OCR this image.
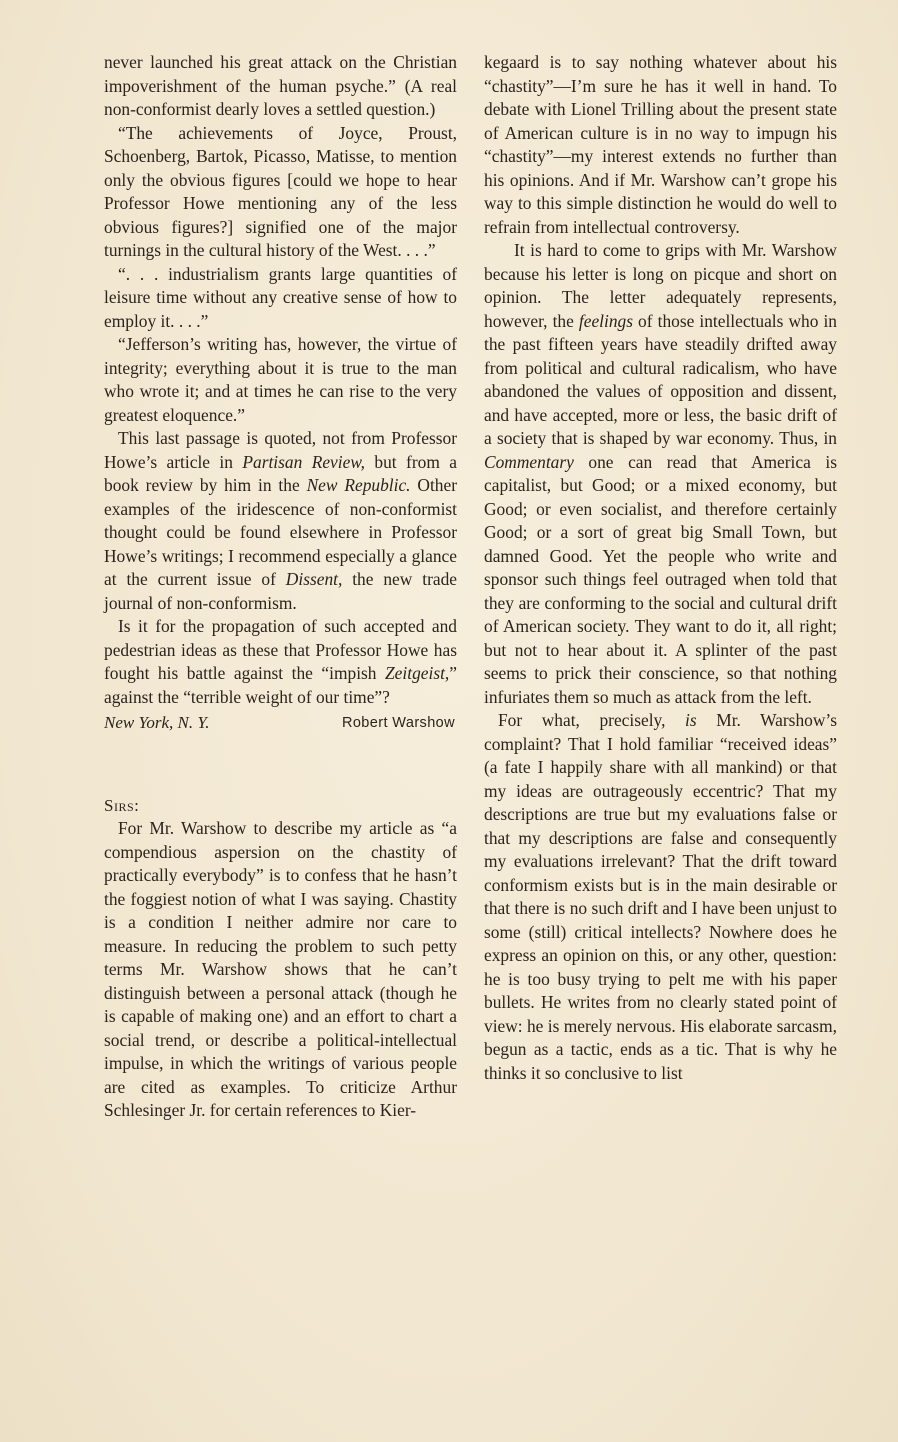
never launched his great attack on the Christian impoverishment of the human psyche.” (A real non-conformist dearly loves a settled question.)

“The achievements of Joyce, Proust, Schoenberg, Bartok, Picasso, Matisse, to mention only the obvious figures [could we hope to hear Professor Howe mentioning any of the less obvious figures?] signified one of the major turnings in the cultural history of the West. . . .”

“. . . industrialism grants large quantities of leisure time without any creative sense of how to employ it. . . .”

“Jefferson’s writing has, however, the virtue of integrity; everything about it is true to the man who wrote it; and at times he can rise to the very greatest eloquence.”

This last passage is quoted, not from Professor Howe’s article in Partisan Review, but from a book review by him in the New Republic. Other examples of the iridescence of non-conformist thought could be found elsewhere in Professor Howe’s writings; I recommend especially a glance at the current issue of Dissent, the new trade journal of non-conformism.

Is it for the propagation of such accepted and pedestrian ideas as these that Professor Howe has fought his battle against the “impish Zeitgeist,” against the “terrible weight of our time”?

New York, N. Y.	Robert Warshow
Sirs:

For Mr. Warshow to describe my article as “a compendious aspersion on the chastity of practically everybody” is to confess that he hasn’t the foggiest notion of what I was saying. Chastity is a condition I neither admire nor care to measure. In reducing the problem to such petty terms Mr. Warshow shows that he can’t distinguish between a personal attack (though he is capable of making one) and an effort to chart a social trend, or describe a political-intellectual impulse, in which the writings of various people are cited as examples. To criticize Arthur Schlesinger Jr. for certain references to Kier-

kegaard is to say nothing whatever about his “chastity”—I’m sure he has it well in hand. To debate with Lionel Trilling about the present state of American culture is in no way to impugn his “chastity”—my interest extends no further than his opinions. And if Mr. Warshow can’t grope his way to this simple distinction he would do well to refrain from intellectual controversy.

It is hard to come to grips with Mr. Warshow because his letter is long on picque and short on opinion. The letter adequately represents, however, the feelings of those intellectuals who in the past fifteen years have steadily drifted away from political and cultural radicalism, who have abandoned the values of opposition and dissent, and have accepted, more or less, the basic drift of a society that is shaped by war economy. Thus, in Commentary one can read that America is capitalist, but Good; or a mixed economy, but Good; or even socialist, and therefore certainly Good; or a sort of great big Small Town, but damned Good. Yet the people who write and sponsor such things feel outraged when told that they are conforming to the social and cultural drift of American society. They want to do it, all right; but not to hear about it. A splinter of the past seems to prick their conscience, so that nothing infuriates them so much as attack from the left.

For what, precisely, is Mr. Warshow’s complaint? That I hold familiar “received ideas” (a fate I happily share with all mankind) or that my ideas are outrageously eccentric? That my descriptions are true but my evaluations false or that my descriptions are false and consequently my evaluations irrelevant? That the drift toward conformism exists but is in the main desirable or that there is no such drift and I have been unjust to some (still) critical intellects? Nowhere does he express an opinion on this, or any other, question: he is too busy trying to pelt me with his paper bullets. He writes from no clearly stated point of view: he is merely nervous. His elaborate sarcasm, begun as a tactic, ends as a tic. That is why he thinks it so conclusive to list
